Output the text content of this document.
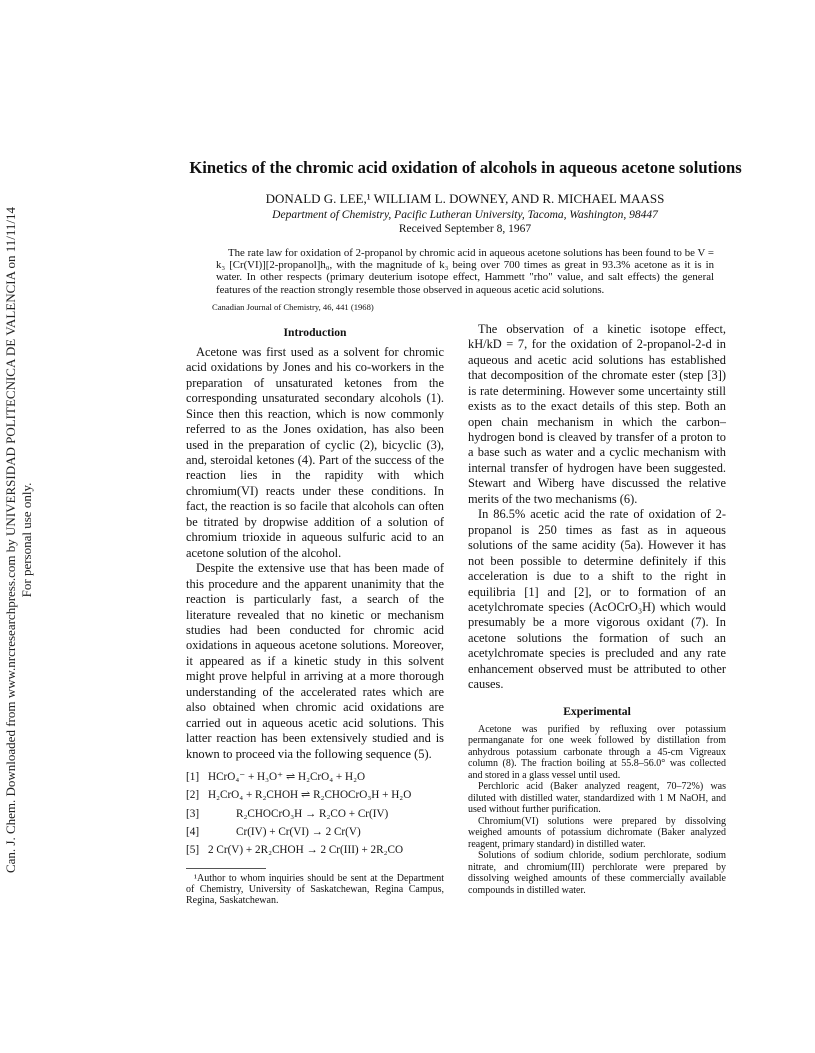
Can. J. Chem. Downloaded from www.nrcresearchpress.com by UNIVERSIDAD POLITECNICA DE VALENCIA on 11/11/14 For personal use only.
Kinetics of the chromic acid oxidation of alcohols in aqueous acetone solutions
DONALD G. LEE,¹ WILLIAM L. DOWNEY, AND R. MICHAEL MAASS
Department of Chemistry, Pacific Lutheran University, Tacoma, Washington, 98447
Received September 8, 1967

The rate law for oxidation of 2-propanol by chromic acid in aqueous acetone solutions has been found to be V = k₃ [Cr(VI)][2-propanol]h₀, with the magnitude of k₃ being over 700 times as great in 93.3% acetone as it is in water. In other respects (primary deuterium isotope effect, Hammett "rho" value, and salt effects) the general features of the reaction strongly resemble those observed in aqueous acetic acid solutions.

Canadian Journal of Chemistry, 46, 441 (1968)
Introduction

Acetone was first used as a solvent for chromic acid oxidations by Jones and his co-workers in the preparation of unsaturated ketones from the corresponding unsaturated secondary alcohols (1). Since then this reaction, which is now commonly referred to as the Jones oxidation, has also been used in the preparation of cyclic (2), bicyclic (3), and, steroidal ketones (4). Part of the success of the reaction lies in the rapidity with which chromium(VI) reacts under these conditions. In fact, the reaction is so facile that alcohols can often be titrated by dropwise addition of a solution of chromium trioxide in aqueous sulfuric acid to an acetone solution of the alcohol.

Despite the extensive use that has been made of this procedure and the apparent unanimity that the reaction is particularly fast, a search of the literature revealed that no kinetic or mechanism studies had been conducted for chromic acid oxidations in aqueous acetone solutions. Moreover, it appeared as if a kinetic study in this solvent might prove helpful in arriving at a more thorough understanding of the accelerated rates which are also obtained when chromic acid oxidations are carried out in aqueous acetic acid solutions. This latter reaction has been extensively studied and is known to proceed via the following sequence (5).

[1] HCrO₄⁻ + H₃O⁺ ⇌ H₂CrO₄ + H₂O
[2] H₂CrO₄ + R₂CHOH ⇌ R₂CHOCrO₃H + H₂O
[3]	R₂CHOCrO₃H → R₂CO + Cr(IV)
[4]	Cr(IV) + Cr(VI) → 2 Cr(V)
[5] 2 Cr(V) + 2R₂CHOH → 2 Cr(III) + 2R₂CO

¹Author to whom inquiries should be sent at the Department of Chemistry, University of Saskatchewan, Regina Campus, Regina, Saskatchewan.

The observation of a kinetic isotope effect, kH/kD = 7, for the oxidation of 2-propanol-2-d in aqueous and acetic acid solutions has established that decomposition of the chromate ester (step [3]) is rate determining. However some uncertainty still exists as to the exact details of this step. Both an open chain mechanism in which the carbon–hydrogen bond is cleaved by transfer of a proton to a base such as water and a cyclic mechanism with internal transfer of hydrogen have been suggested. Stewart and Wiberg have discussed the relative merits of the two mechanisms (6).

In 86.5% acetic acid the rate of oxidation of 2-propanol is 250 times as fast as in aqueous solutions of the same acidity (5a). However it has not been possible to determine definitely if this acceleration is due to a shift to the right in equilibria [1] and [2], or to formation of an acetylchromate species (AcOCrO₃H) which would presumably be a more vigorous oxidant (7). In acetone solutions the formation of such an acetylchromate species is precluded and any rate enhancement observed must be attributed to other causes.

Experimental

Acetone was purified by refluxing over potassium permanganate for one week followed by distillation from anhydrous potassium carbonate through a 45-cm Vigreaux column (8). The fraction boiling at 55.8–56.0° was collected and stored in a glass vessel until used.

Perchloric acid (Baker analyzed reagent, 70–72%) was diluted with distilled water, standardized with 1 M NaOH, and used without further purification.

Chromium(VI) solutions were prepared by dissolving weighed amounts of potassium dichromate (Baker analyzed reagent, primary standard) in distilled water.

Solutions of sodium chloride, sodium perchlorate, sodium nitrate, and chromium(III) perchlorate were prepared by dissolving weighed amounts of these commercially available compounds in distilled water.
